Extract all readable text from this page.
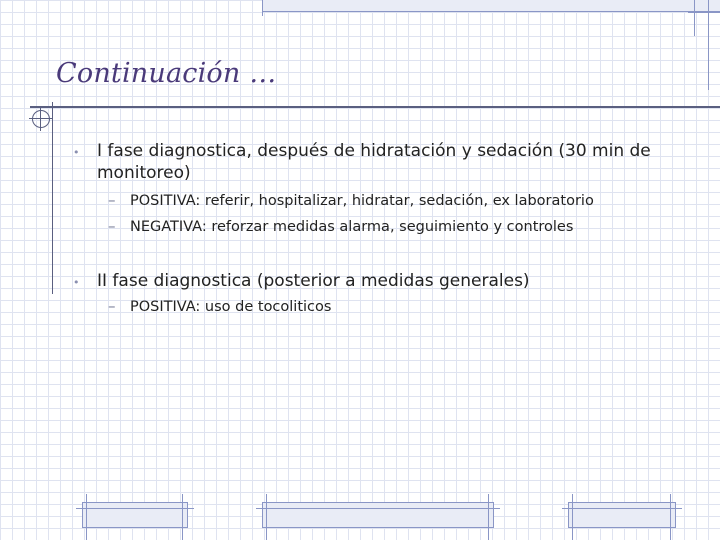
Continuación …
• I fase diagnostica, después de hidratación y sedación (30 min de monitoreo)
– POSITIVA: referir, hospitalizar, hidratar, sedación, ex laboratorio
– NEGATIVA: reforzar medidas alarma, seguimiento y controles
• II fase diagnostica (posterior a medidas generales)
– POSITIVA: uso de tocoliticos
